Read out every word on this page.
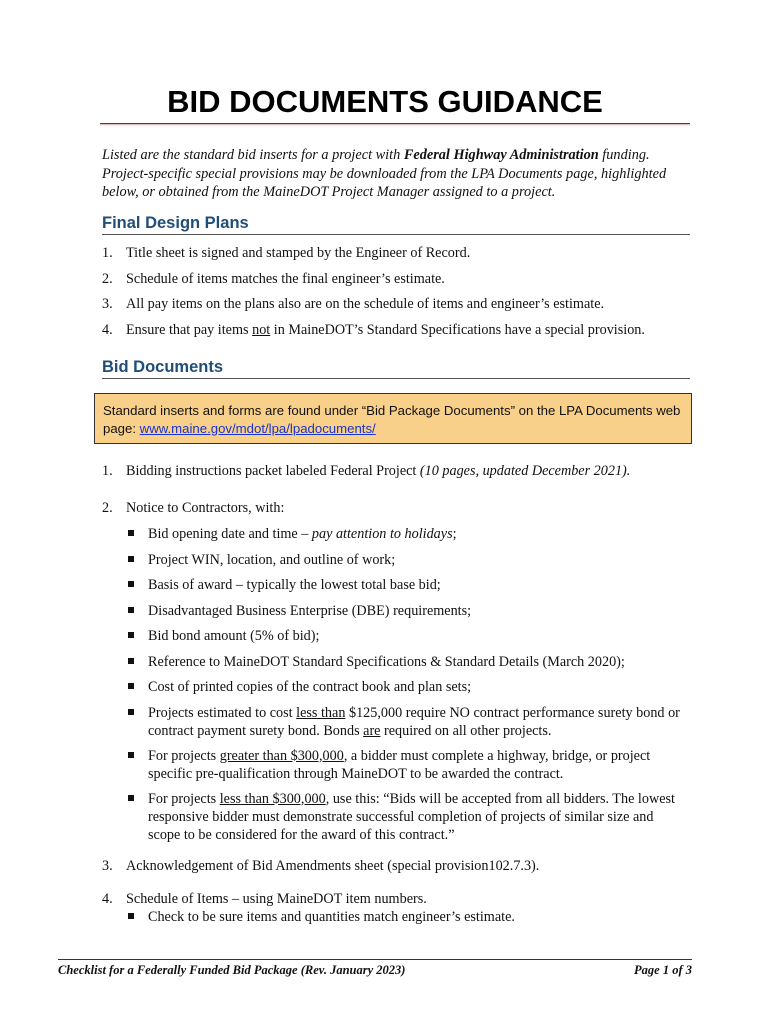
BID DOCUMENTS GUIDANCE

Listed are the standard bid inserts for a project with Federal Highway Administration funding. Project-specific special provisions may be downloaded from the LPA Documents page, highlighted below, or obtained from the MaineDOT Project Manager assigned to a project.

Final Design Plans
1. Title sheet is signed and stamped by the Engineer of Record.
2. Schedule of items matches the final engineer’s estimate.
3. All pay items on the plans also are on the schedule of items and engineer’s estimate.
4. Ensure that pay items not in MaineDOT’s Standard Specifications have a special provision.
Bid Documents
Standard inserts and forms are found under “Bid Package Documents” on the LPA Documents web page: www.maine.gov/mdot/lpa/lpadocuments/

1. Bidding instructions packet labeled Federal Project (10 pages, updated December 2021).

2. Notice to Contractors, with:

Bid opening date and time – pay attention to holidays;
Project WIN, location, and outline of work;
Basis of award – typically the lowest total base bid;
Disadvantaged Business Enterprise (DBE) requirements;
Bid bond amount (5% of bid);
Reference to MaineDOT Standard Specifications & Standard Details (March 2020);
Cost of printed copies of the contract book and plan sets;
Projects estimated to cost less than $125,000 require NO contract performance surety bond or contract payment surety bond. Bonds are required on all other projects.
For projects greater than $300,000, a bidder must complete a highway, bridge, or project specific pre-qualification through MaineDOT to be awarded the contract.
For projects less than $300,000, use this: “Bids will be accepted from all bidders. The lowest responsive bidder must demonstrate successful completion of projects of similar size and scope to be considered for the award of this contract.”

3. Acknowledgement of Bid Amendments sheet (special provision102.7.3).

4. Schedule of Items – using MaineDOT item numbers.

Check to be sure items and quantities match engineer’s estimate.
Checklist for a Federally Funded Bid Package (Rev. January 2023)	Page 1 of 3
